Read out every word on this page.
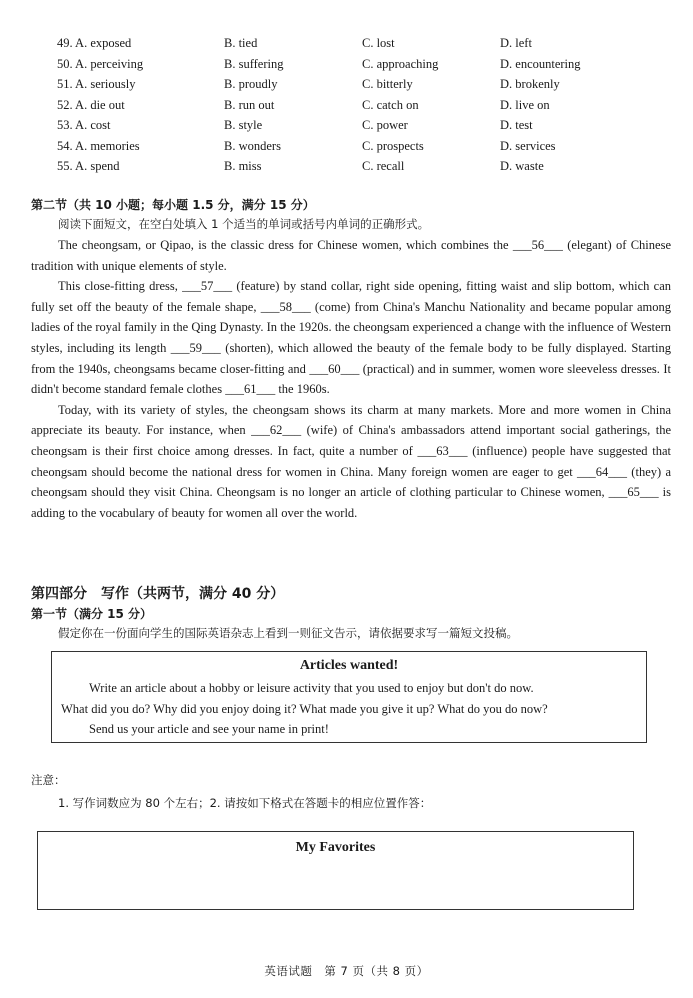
49. A. exposed	B. tied	C. lost	D. left
50. A. perceiving	B. suffering	C. approaching	D. encountering
51. A. seriously	B. proudly	C. bitterly	D. brokenly
52. A. die out	B. run out	C. catch on	D. live on
53. A. cost	B. style	C. power	D. test
54. A. memories	B. wonders	C. prospects	D. services
55. A. spend	B. miss	C. recall	D. waste
第二节（共 10 小题；每小题 1.5 分，满分 15 分）
阅读下面短文，在空白处填入 1 个适当的单词或括号内单词的正确形式。

The cheongsam, or Qipao, is the classic dress for Chinese women, which combines the ___56___ (elegant) of Chinese tradition with unique elements of style.

This close-fitting dress, ___57___ (feature) by stand collar, right side opening, fitting waist and slip bottom, which can fully set off the beauty of the female shape, ___58___ (come) from China's Manchu Nationality and became popular among ladies of the royal family in the Qing Dynasty. In the 1920s. the cheongsam experienced a change with the influence of Western styles, including its length ___59___ (shorten), which allowed the beauty of the female body to be fully displayed. Starting from the 1940s, cheongsams became closer-fitting and ___60___ (practical) and in summer, women wore sleeveless dresses. It didn't become standard female clothes ___61___ the 1960s.

Today, with its variety of styles, the cheongsam shows its charm at many markets. More and more women in China appreciate its beauty. For instance, when ___62___ (wife) of China's ambassadors attend important social gatherings, the cheongsam is their first choice among dresses. In fact, quite a number of ___63___ (influence) people have suggested that cheongsam should become the national dress for women in China. Many foreign women are eager to get ___64___ (they) a cheongsam should they visit China. Cheongsam is no longer an article of clothing particular to Chinese women, ___65___ is adding to the vocabulary of beauty for women all over the world.

第四部分　写作（共两节，满分 40 分）
第一节（满分 15 分）
假定你在一份面向学生的国际英语杂志上看到一则征文告示，请依据要求写一篇短文投稿。
Articles wanted!
Write an article about a hobby or leisure activity that you used to enjoy but don't do now.
What did you do? Why did you enjoy doing it? What made you give it up? What do you do now?
Send us your article and see your name in print!
注意：
1. 写作词数应为 80 个左右；2. 请按如下格式在答题卡的相应位置作答：
My Favorites
英语试题　第 7 页（共 8 页）
